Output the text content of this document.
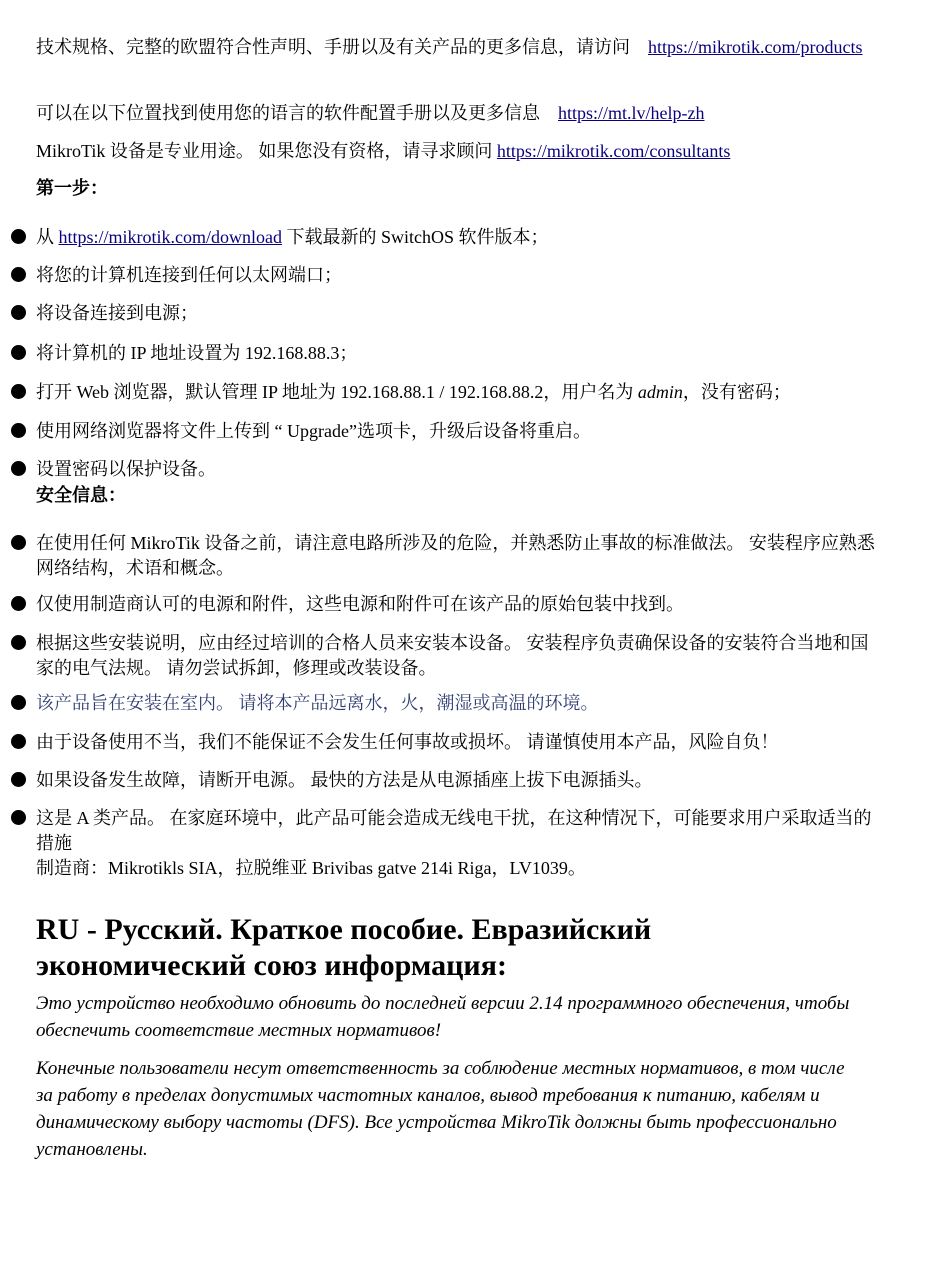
技术规格、完整的欧盟符合性声明、手册以及有关产品的更多信息，请访问 https://mikrotik.com/products

可以在以下位置找到使用您的语言的软件配置手册以及更多信息 https://mt.lv/help-zh

MikroTik 设备是专业用途。 如果您没有资格，请寻求顾问 https://mikrotik.com/consultants

第一步：

从 https://mikrotik.com/download 下载最新的 SwitchOS 软件版本；

将您的计算机连接到任何以太网端口；

将设备连接到电源；

将计算机的 IP 地址设置为 192.168.88.3；

打开 Web 浏览器，默认管理 IP 地址为 192.168.88.1 / 192.168.88.2，用户名为 admin，没有密码；

使用网络浏览器将文件上传到 “ Upgrade”选项卡，升级后设备将重启。

设置密码以保护设备。

安全信息：

在使用任何 MikroTik 设备之前，请注意电路所涉及的危险，并熟悉防止事故的标准做法。 安装程序应熟悉网络结构，术语和概念。

仅使用制造商认可的电源和附件，这些电源和附件可在该产品的原始包装中找到。

根据这些安装说明，应由经过培训的合格人员来安装本设备。 安装程序负责确保设备的安装符合当地和国家的电气法规。 请勿尝试拆卸，修理或改装设备。

该产品旨在安装在室内。 请将本产品远离水，火，潮湿或高温的环境。

由于设备使用不当，我们不能保证不会发生任何事故或损坏。 请谨慎使用本产品，风险自负！

如果设备发生故障，请断开电源。 最快的方法是从电源插座上拔下电源插头。

这是 A 类产品。 在家庭环境中，此产品可能会造成无线电干扰，在这种情况下，可能要求用户采取适当的措施

制造商：Mikrotikls SIA，拉脱维亚 Brivibas gatve 214i Riga，LV1039。

RU - Русский. Краткое пособие. Евразийский экономический союз информация:

Это устройство необходимо обновить до последней версии 2.14 программного обеспечения, чтобы обеспечить соответствие местных нормативов!

Конечные пользователи несут ответственность за соблюдение местных нормативов, в том числе за работу в пределах допустимых частотных каналов, вывод требования к питанию, кабелям и динамическому выбору частоты (DFS). Все устройства MikroTik должны быть профессионально установлены.
